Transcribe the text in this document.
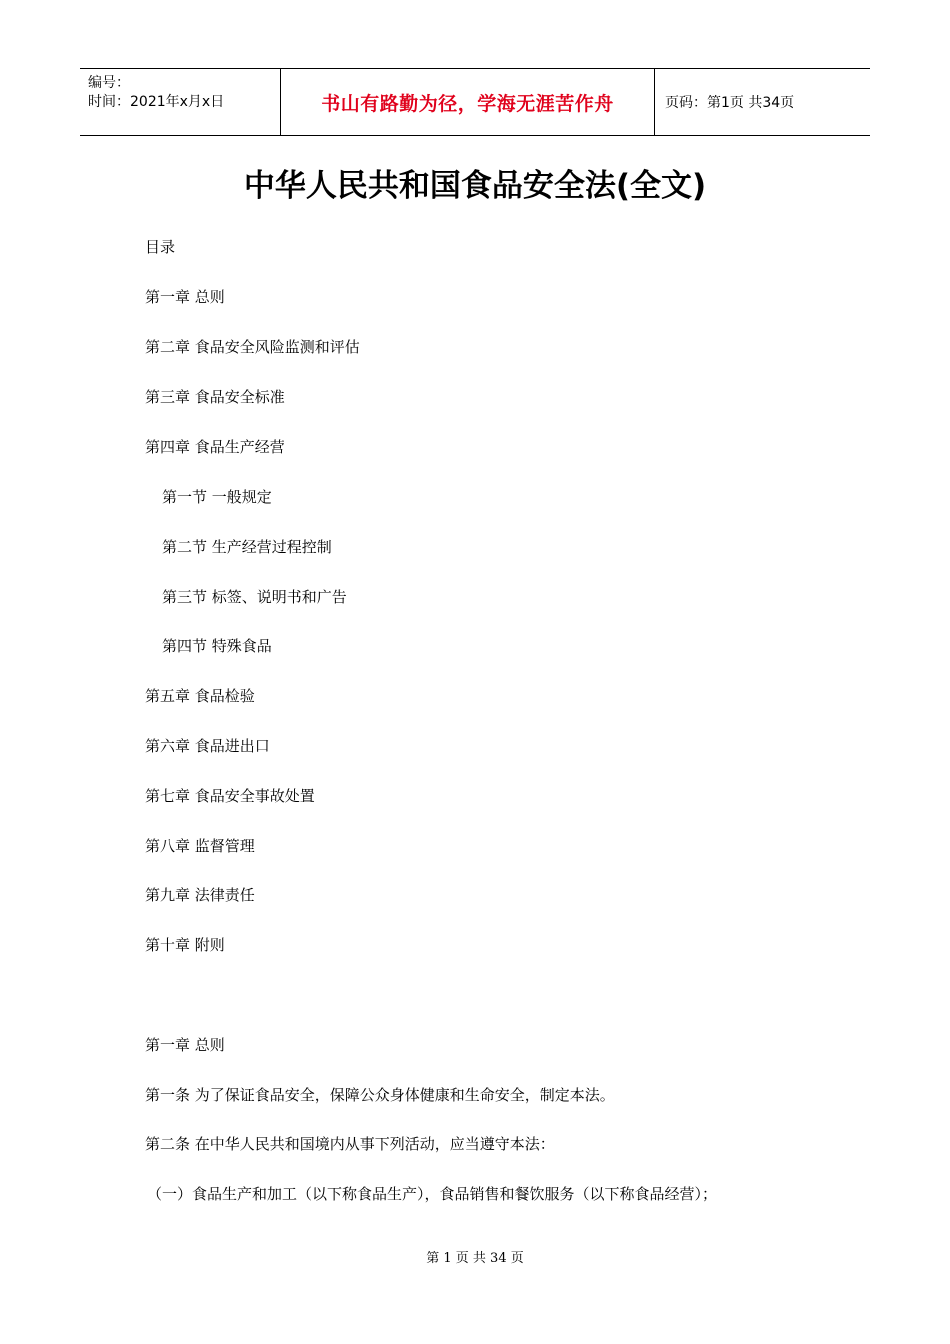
编号：
时间：2021年x月x日	书山有路勤为径，学海无涯苦作舟	页码：第1页 共34页
中华人民共和国食品安全法(全文)
目录
第一章 总则
第二章 食品安全风险监测和评估
第三章 食品安全标准
第四章 食品生产经营
第一节 一般规定
第二节 生产经营过程控制
第三节 标签、说明书和广告
第四节 特殊食品
第五章 食品检验
第六章 食品进出口
第七章 食品安全事故处置
第八章 监督管理
第九章 法律责任
第十章 附则
第一章 总则
第一条 为了保证食品安全，保障公众身体健康和生命安全，制定本法。
第二条 在中华人民共和国境内从事下列活动，应当遵守本法：
（一）食品生产和加工（以下称食品生产），食品销售和餐饮服务（以下称食品经营）；
第 1 页 共 34 页
